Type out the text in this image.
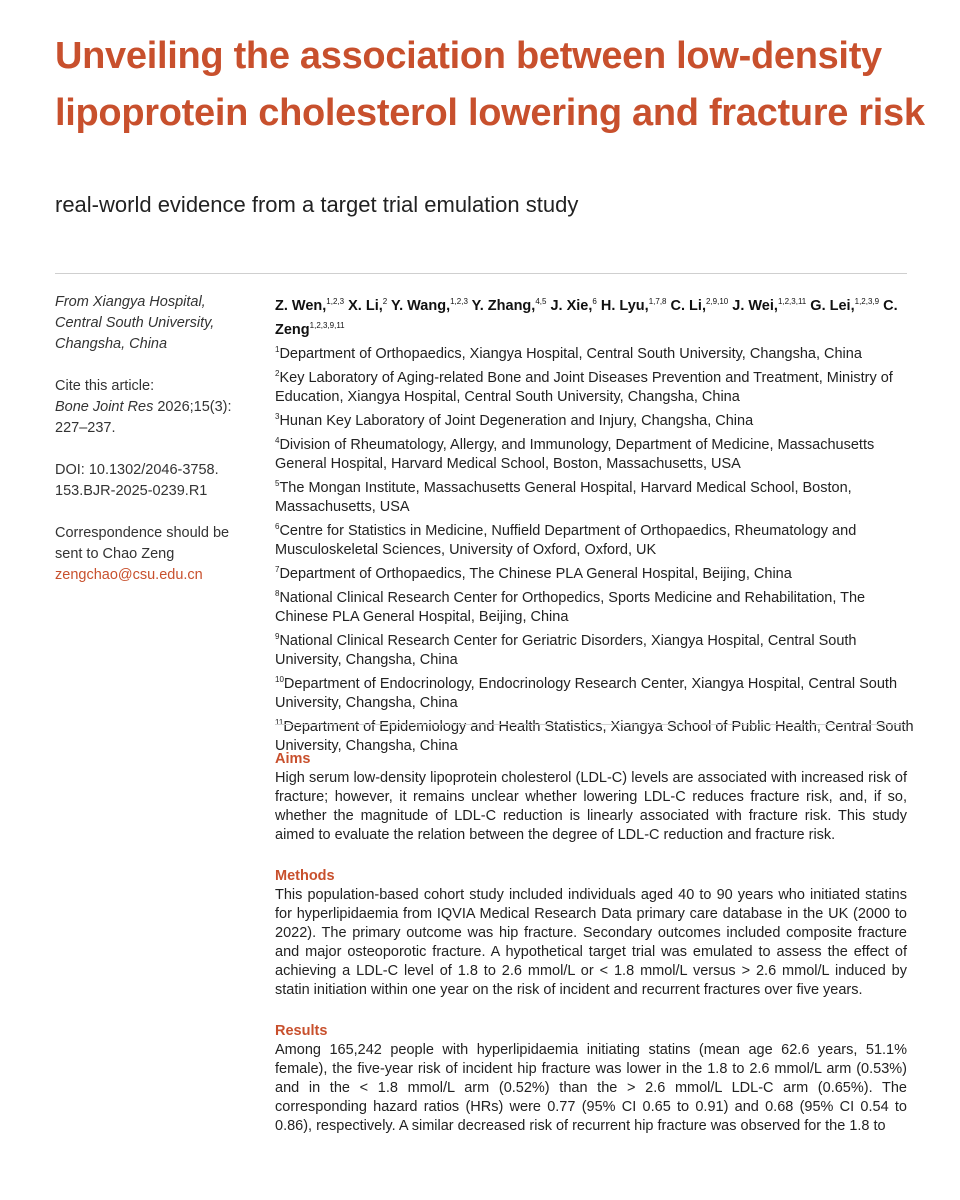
Unveiling the association between low-density lipoprotein cholesterol lowering and fracture risk
real-world evidence from a target trial emulation study

From Xiangya Hospital,
Central South University,
Changsha, China

Cite this article:
Bone Joint Res 2026;15(3):
227–237.

DOI: 10.1302/2046-3758.
153.BJR-2025-0239.R1

Correspondence should be
sent to Chao Zeng
zengchao@csu.edu.cn

Z. Wen,$^{1,2,3}$ X. Li,$^2$ Y. Wang,$^{1,2,3}$ Y. Zhang,$^{4,5}$ J. Xie,$^6$ H. Lyu,$^{1,7,8}$ C. Li,$^{2,9,10}$ J. Wei,$^{1,2,3,11}$ G. Lei,$^{1,2,3,9}$ C. Zeng$^{1,2,3,9,11}$

$^1$Department of Orthopaedics, Xiangya Hospital, Central South University, Changsha, China
$^2$Key Laboratory of Aging-related Bone and Joint Diseases Prevention and Treatment, Ministry of Education, Xiangya Hospital, Central South University, Changsha, China
$^3$Hunan Key Laboratory of Joint Degeneration and Injury, Changsha, China
$^4$Division of Rheumatology, Allergy, and Immunology, Department of Medicine, Massachusetts General Hospital, Harvard Medical School, Boston, Massachusetts, USA
$^5$The Mongan Institute, Massachusetts General Hospital, Harvard Medical School, Boston, Massachusetts, USA
$^6$Centre for Statistics in Medicine, Nuffield Department of Orthopaedics, Rheumatology and Musculoskeletal Sciences, University of Oxford, Oxford, UK
$^7$Department of Orthopaedics, The Chinese PLA General Hospital, Beijing, China
$^8$National Clinical Research Center for Orthopedics, Sports Medicine and Rehabilitation, The Chinese PLA General Hospital, Beijing, China
$^9$National Clinical Research Center for Geriatric Disorders, Xiangya Hospital, Central South University, Changsha, China
$^{10}$Department of Endocrinology, Endocrinology Research Center, Xiangya Hospital, Central South University, Changsha, China
$^{11}$Department of Epidemiology and Health Statistics, Xiangya School of Public Health, Central South University, Changsha, China
Aims

High serum low-density lipoprotein cholesterol (LDL-C) levels are associated with increased risk of fracture; however, it remains unclear whether lowering LDL-C reduces fracture risk, and, if so, whether the magnitude of LDL-C reduction is linearly associated with fracture risk. This study aimed to evaluate the relation between the degree of LDL-C reduction and fracture risk.

Methods

This population-based cohort study included individuals aged 40 to 90 years who initiated statins for hyperlipidaemia from IQVIA Medical Research Data primary care database in the UK (2000 to 2022). The primary outcome was hip fracture. Secondary outcomes included composite fracture and major osteoporotic fracture. A hypothetical target trial was emulated to assess the effect of achieving a LDL-C level of 1.8 to 2.6 mmol/L or < 1.8 mmol/L versus > 2.6 mmol/L induced by statin initiation within one year on the risk of incident and recurrent fractures over five years.

Results

Among 165,242 people with hyperlipidaemia initiating statins (mean age 62.6 years, 51.1% female), the five-year risk of incident hip fracture was lower in the 1.8 to 2.6 mmol/L arm (0.53%) and in the < 1.8 mmol/L arm (0.52%) than the > 2.6 mmol/L LDL-C arm (0.65%). The corresponding hazard ratios (HRs) were 0.77 (95% CI 0.65 to 0.91) and 0.68 (95% CI 0.54 to 0.86), respectively. A similar decreased risk of recurrent hip fracture was observed for the 1.8 to
